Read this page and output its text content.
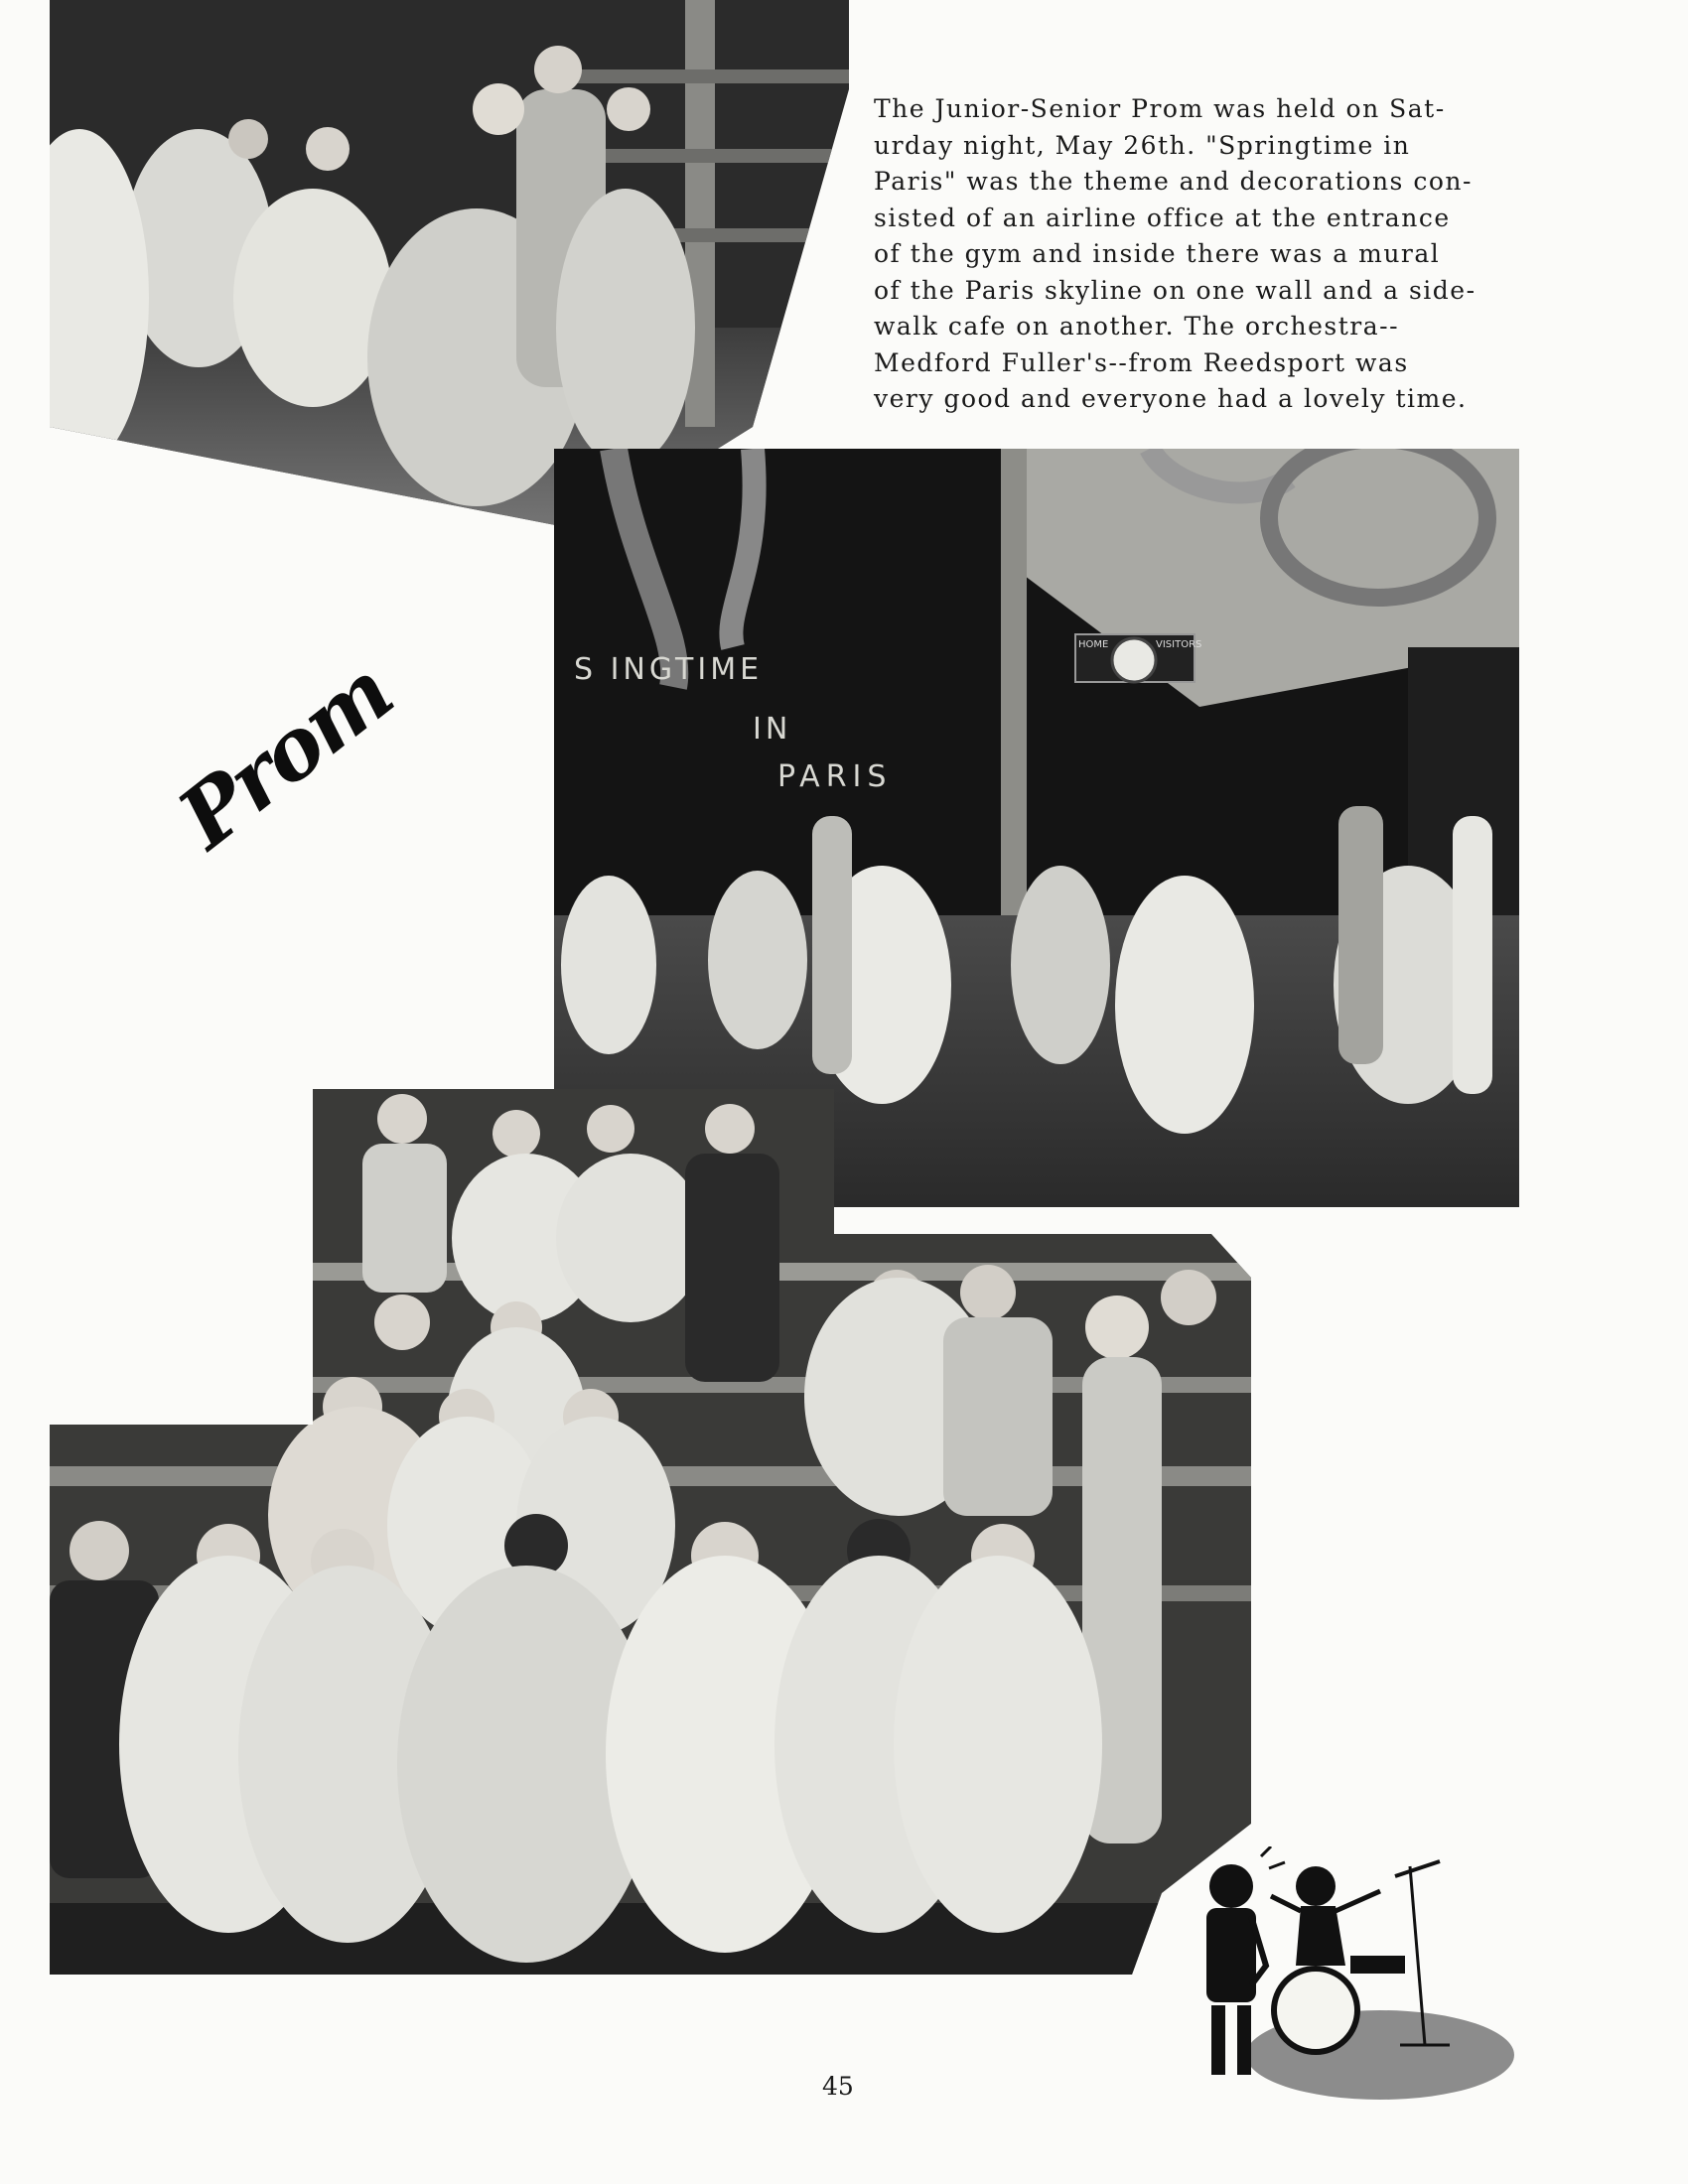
The Junior-Senior Prom was held on Sat-
urday night, May 26th. "Springtime in
Paris" was the theme and decorations con-
sisted of an airline office at the entrance
of the gym and inside there was a mural
of the Paris skyline on one wall and a side-
walk cafe on another. The orchestra--
Medford Fuller's--from Reedsport was
very good and everyone had a lovely time.
HOME	VISITORS
S INGTIME
IN
PARIS
Prom
45
